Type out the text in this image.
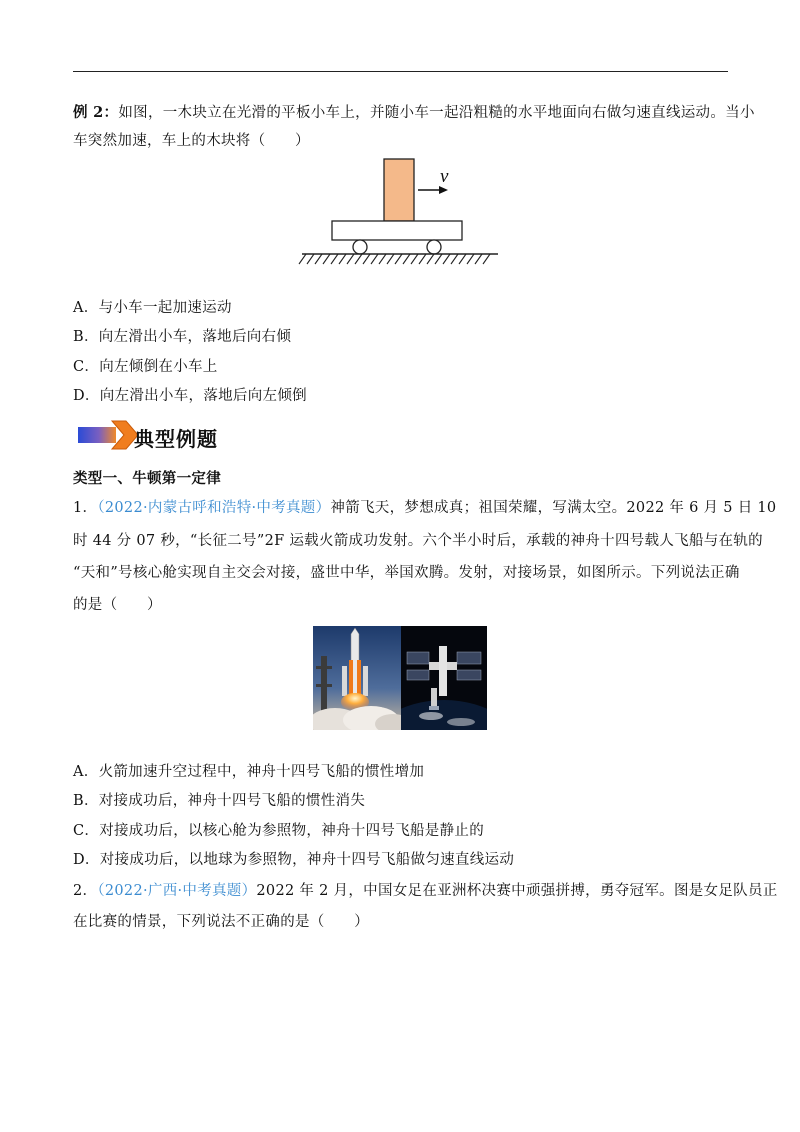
例 2：如图，一木块立在光滑的平板小车上，并随小车一起沿粗糙的水平地面向右做匀速直线运动。当小
车突然加速，车上的木块将（　　）
v
A．与小车一起加速运动
B．向左滑出小车，落地后向右倾
C．向左倾倒在小车上
D．向左滑出小车，落地后向左倾倒
典型例题
类型一、牛顿第一定律
1．（2022·内蒙古呼和浩特·中考真题）神箭飞天，梦想成真；祖国荣耀，写满太空。2022 年 6 月 5 日 10
时 44 分 07 秒，“长征二号”2F 运载火箭成功发射。六个半小时后，承载的神舟十四号载人飞船与在轨的
“天和”号核心舱实现自主交会对接，盛世中华，举国欢腾。发射，对接场景，如图所示。下列说法正确
的是（　　）
A．火箭加速升空过程中，神舟十四号飞船的惯性增加
B．对接成功后，神舟十四号飞船的惯性消失
C．对接成功后，以核心舱为参照物，神舟十四号飞船是静止的
D．对接成功后，以地球为参照物，神舟十四号飞船做匀速直线运动
2．（2022·广西·中考真题）2022 年 2 月，中国女足在亚洲杯决赛中顽强拼搏，勇夺冠军。图是女足队员正
在比赛的情景，下列说法不正确的是（　　）
